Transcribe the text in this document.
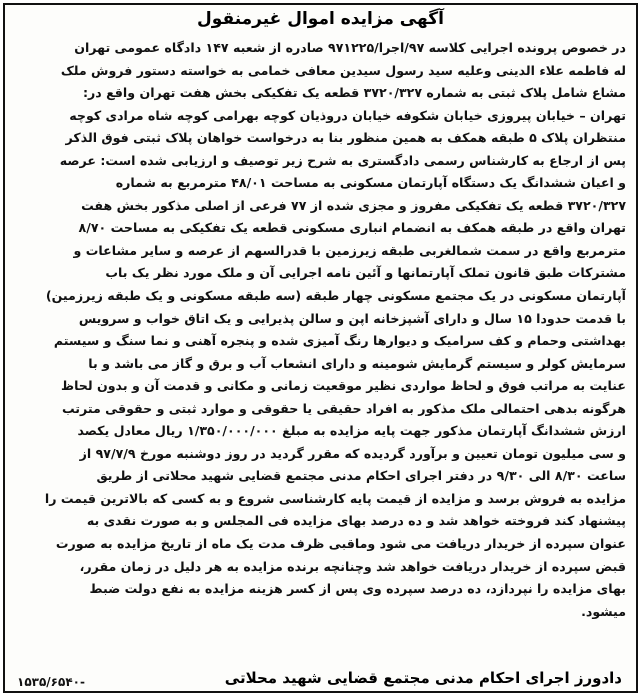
آگهی مزایده اموال غیرمنقول
در خصوص پرونده اجرایی کلاسه ۹۷/اجرا/۹۷۱۲۲۵ صادره از شعبه ۱۴۷ دادگاه عمومی تهران
له فاطمه علاء الدینی وعلیه سید رسول سیدین معافی خمامی به خواسته دستور فروش ملک
مشاع شامل پلاک ثبتی به شماره ۳۷۲۰/۳۲۷ قطعه یک تفکیکی بخش هفت تهران واقع در:
تهران – خیابان پیروزی خیابان شکوفه خیابان دروذیان کوچه بهرامی کوچه شاه مرادی کوچه
منتظران پلاک ۵ طبقه همکف به همین منظور بنا به درخواست خواهان پلاک ثبتی فوق الذکر
پس از ارجاع به کارشناس رسمی دادگستری به شرح زیر توصیف و ارزیابی شده است: عرصه
و اعیان ششدانگ یک دستگاه آپارتمان مسکونی به مساحت ۴۸/۰۱ مترمربع به شماره
۳۷۲۰/۳۲۷ قطعه یک تفکیکی مفروز و مجزی شده از ۷۷ فرعی از اصلی مذکور بخش هفت
تهران واقع در طبقه همکف به انضمام انباری مسکونی قطعه یک تفکیکی به مساحت ۸/۷۰
مترمربع واقع در سمت شمالغربی طبقه زیرزمین با قدرالسهم از عرصه و سایر مشاعات و
مشترکات طبق قانون تملک آپارتمانها و آئین نامه اجرایی آن و ملک مورد نظر یک باب
آپارتمان مسکونی در یک مجتمع مسکونی چهار طبقه (سه طبقه مسکونی و یک طبقه زیرزمین)
با قدمت حدودا ۱۵ سال و دارای آشپزخانه اپن و سالن پذیرایی و یک اتاق خواب و سرویس
بهداشتی وحمام و کف سرامیک و دیوارها رنگ آمیزی شده و پنجره آهنی و نما سنگ و سیستم
سرمایش کولر و سیستم گرمایش شومینه و دارای انشعاب آب و برق و گاز می باشد و با
عنایت به مراتب فوق و لحاظ مواردی نظیر موقعیت زمانی و مکانی و قدمت آن و بدون لحاظ
هرگونه بدهی احتمالی ملک مذکور به افراد حقیقی یا حقوقی و موارد ثبتی و حقوقی مترتب
ارزش ششدانگ آپارتمان مذکور جهت پایه مزایده به مبلغ ۱/۳۵۰/۰۰۰/۰۰۰ ریال معادل یکصد
و سی میلیون تومان تعیین و برآورد گردیده که مقرر گردید در روز دوشنبه مورخ ۹۷/۷/۹ از
ساعت ۸/۳۰ الی ۹/۳۰ در دفتر اجرای احکام مدنی مجتمع قضایی شهید محلاتی از طریق
مزایده به فروش برسد و مزایده از قیمت پایه کارشناسی شروع و به کسی که بالاترین قیمت را
پیشنهاد کند فروخته خواهد شد و ده درصد بهای مزایده فی المجلس و به صورت نقدی به
عنوان سپرده از خریدار دریافت می شود وماقبی ظرف مدت یک ماه از تاریخ مزایده به صورت
قبض سپرده از خریدار دریافت خواهد شد وچنانچه برنده مزایده به هر دلیل در زمان مقرر،
بهای مزایده را نپردازد، ده درصد سپرده وی پس از کسر هزینه مزایده به نفع دولت ضبط
میشود.
دادورز اجرای احکام مدنی مجتمع قضایی شهید محلاتی
۱۵۳۵/۶۵۴۰-
